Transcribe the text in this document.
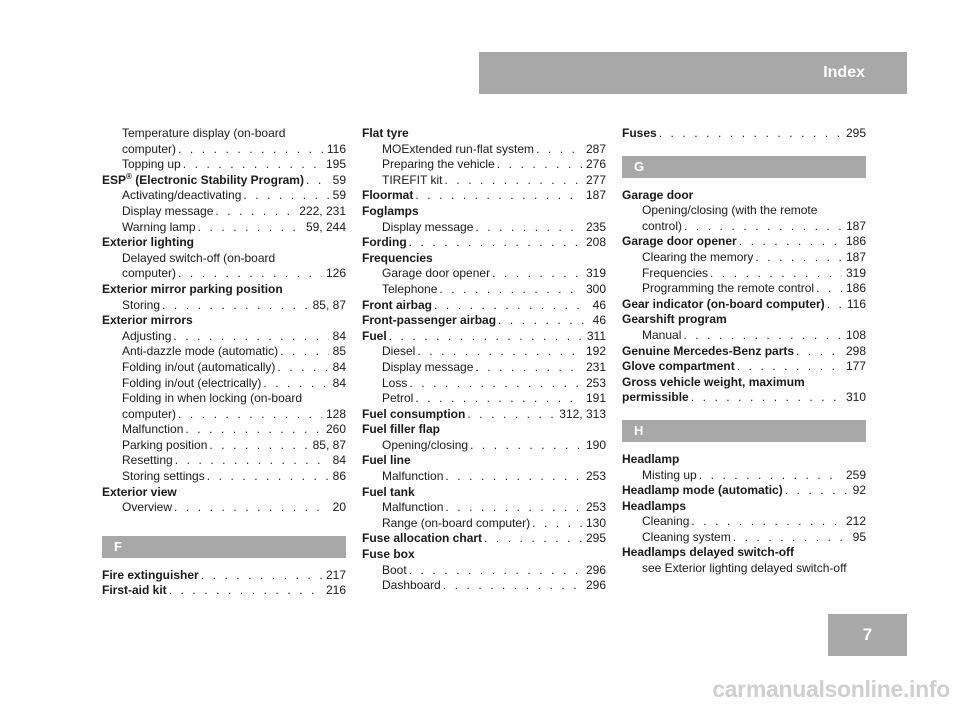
Index
Temperature display (on-board
computer) . . .	116
Topping up . . .	195
ESP® (Electronic Stability Program) . . .	59
Activating/deactivating . . .	59
Display message . . .	222, 231
Warning lamp . . .	59, 244
Exterior lighting
Delayed switch-off (on-board
computer) . . .	126
Exterior mirror parking position
Storing . . .	85, 87
Exterior mirrors
Adjusting . . .	84
Anti-dazzle mode (automatic) . . .	85
Folding in/out (automatically) . . .	84
Folding in/out (electrically) . . .	84
Folding in when locking (on-board
computer) . . .	128
Malfunction . . .	260
Parking position . . .	85, 87
Resetting . . .	84
Storing settings . . .	86
Exterior view
Overview . . .	20
F
Fire extinguisher . . .	217
First-aid kit . . .	216
Flat tyre
MOExtended run-flat system . . .	287
Preparing the vehicle . . .	276
TIREFIT kit . . .	277
Floormat . . .	187
Foglamps
Display message . . .	235
Fording . . .	208
Frequencies
Garage door opener . . .	319
Telephone . . .	300
Front airbag . . .	46
Front-passenger airbag . . .	46
Fuel . . .	311
Diesel . . .	192
Display message . . .	231
Loss . . .	253
Petrol . . .	191
Fuel consumption . . .	312, 313
Fuel filler flap
Opening/closing . . .	190
Fuel line
Malfunction . . .	253
Fuel tank
Malfunction . . .	253
Range (on-board computer) . . .	130
Fuse allocation chart . . .	295
Fuse box
Boot . . .	296
Dashboard . . .	296
Fuses . . .	295
G
Garage door
Opening/closing (with the remote
control) . . .	187
Garage door opener . . .	186
Clearing the memory . . .	187
Frequencies . . .	319
Programming the remote control . . .	186
Gear indicator (on-board computer) . . .	116
Gearshift program
Manual . . .	108
Genuine Mercedes-Benz parts . . .	298
Glove compartment . . .	177
Gross vehicle weight, maximum
permissible . . .	310
H
Headlamp
Misting up . . .	259
Headlamp mode (automatic) . . .	92
Headlamps
Cleaning . . .	212
Cleaning system . . .	95
Headlamps delayed switch-off
see Exterior lighting delayed switch-off
7
carmanualsonline.info
